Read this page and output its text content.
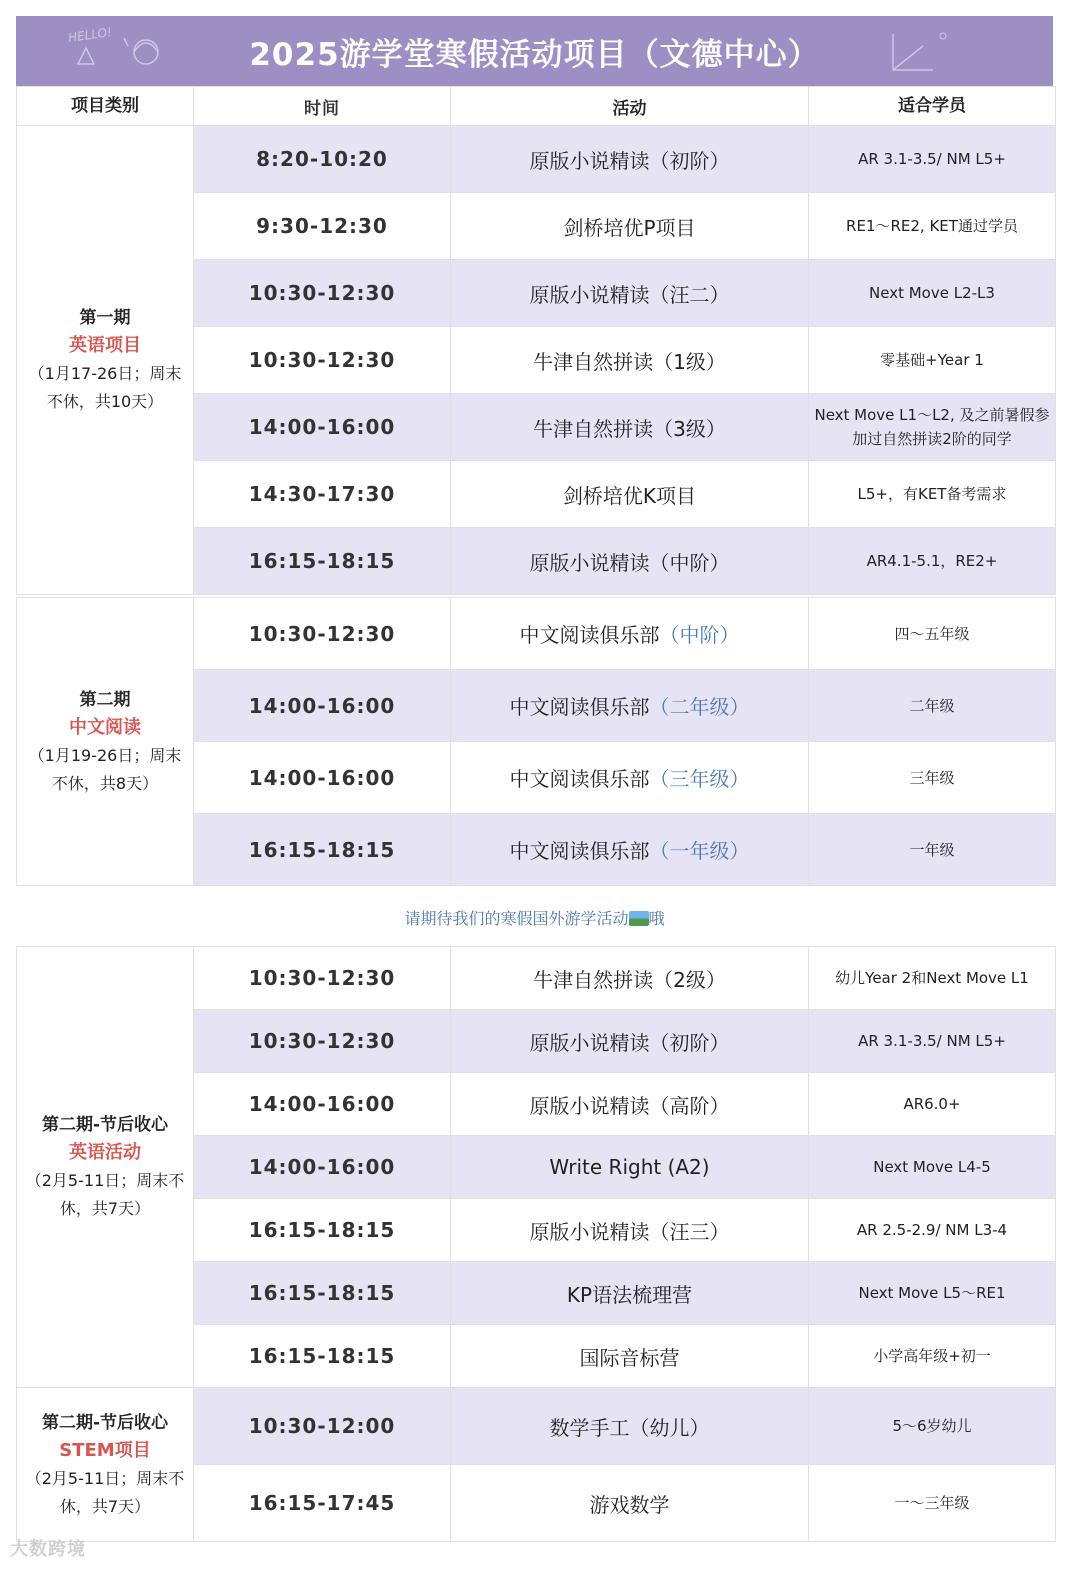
HELLO!
2025游学堂寒假活动项目（文德中心）
项目类别	时间	活动	适合学员

第一期
英语项目
（1月17-26日；周末不休，共10天）	8:20-10:20	原版小说精读（初阶）	AR 3.1-3.5/ NM L5+
	9:30-12:30	剑桥培优P项目	RE1～RE2, KET通过学员
	10:30-12:30	原版小说精读（汪二）	Next Move L2-L3
	10:30-12:30	牛津自然拼读（1级）	零基础+Year 1
	14:00-16:00	牛津自然拼读（3级）	Next Move L1～L2, 及之前暑假参加过自然拼读2阶的同学
	14:30-17:30	剑桥培优K项目	L5+，有KET备考需求
	16:15-18:15	原版小说精读（中阶）	AR4.1-5.1，RE2+
第二期
中文阅读
（1月19-26日；周末不休，共8天）	10:30-12:30	中文阅读俱乐部（中阶）	四～五年级
	14:00-16:00	中文阅读俱乐部（二年级）	二年级
	14:00-16:00	中文阅读俱乐部（三年级）	三年级
	16:15-18:15	中文阅读俱乐部（一年级）	一年级
请期待我们的寒假国外游学活动 哦
第二期-节后收心
英语活动
（2月5-11日；周末不休，共7天）	10:30-12:30	牛津自然拼读（2级）	幼儿Year 2和Next Move L1
	10:30-12:30	原版小说精读（初阶）	AR 3.1-3.5/ NM L5+
	14:00-16:00	原版小说精读（高阶）	AR6.0+
	14:00-16:00	Write Right (A2)	Next Move L4-5
	16:15-18:15	原版小说精读（汪三）	AR 2.5-2.9/ NM L3-4
	16:15-18:15	KP语法梳理营	Next Move L5～RE1
	16:15-18:15	国际音标营	小学高年级+初一

第二期-节后收心
STEM项目
（2月5-11日；周末不休，共7天）	10:30-12:00	数学手工（幼儿）	5～6岁幼儿
	16:15-17:45	游戏数学	一～三年级
大数跨境
